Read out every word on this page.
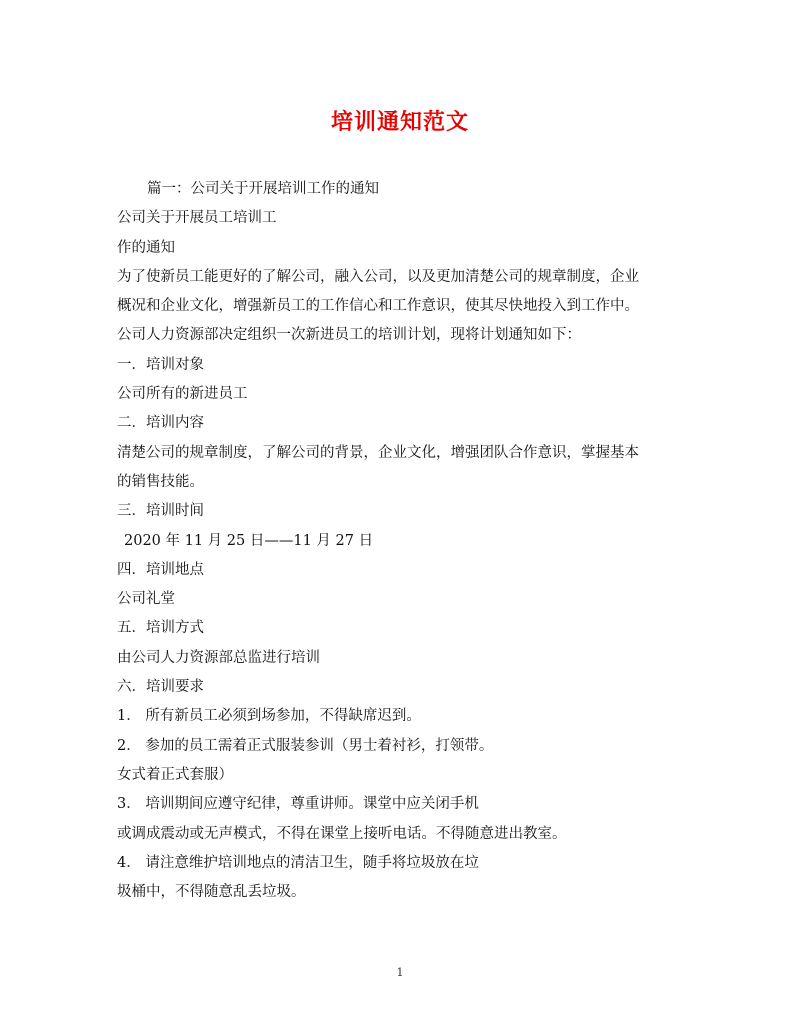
培训通知范文
篇一：公司关于开展培训工作的通知
公司关于开展员工培训工
作的通知
为了使新员工能更好的了解公司，融入公司，以及更加清楚公司的规章制度，企业
概况和企业文化，增强新员工的工作信心和工作意识，使其尽快地投入到工作中。
公司人力资源部决定组织一次新进员工的培训计划，现将计划通知如下：
一．培训对象
公司所有的新进员工
二．培训内容
清楚公司的规章制度，了解公司的背景，企业文化，增强团队合作意识，掌握基本
的销售技能。
三．培训时间
2020 年 11 月 25 日——11 月 27 日
四．培训地点
公司礼堂
五．培训方式
由公司人力资源部总监进行培训
六．培训要求
1． 所有新员工必须到场参加，不得缺席迟到。
2． 参加的员工需着正式服装参训（男士着衬衫，打领带。
女式着正式套服）
3． 培训期间应遵守纪律，尊重讲师。课堂中应关闭手机
或调成震动或无声模式，不得在课堂上接听电话。不得随意进出教室。
4． 请注意维护培训地点的清洁卫生，随手将垃圾放在垃
圾桶中，不得随意乱丢垃圾。
1
